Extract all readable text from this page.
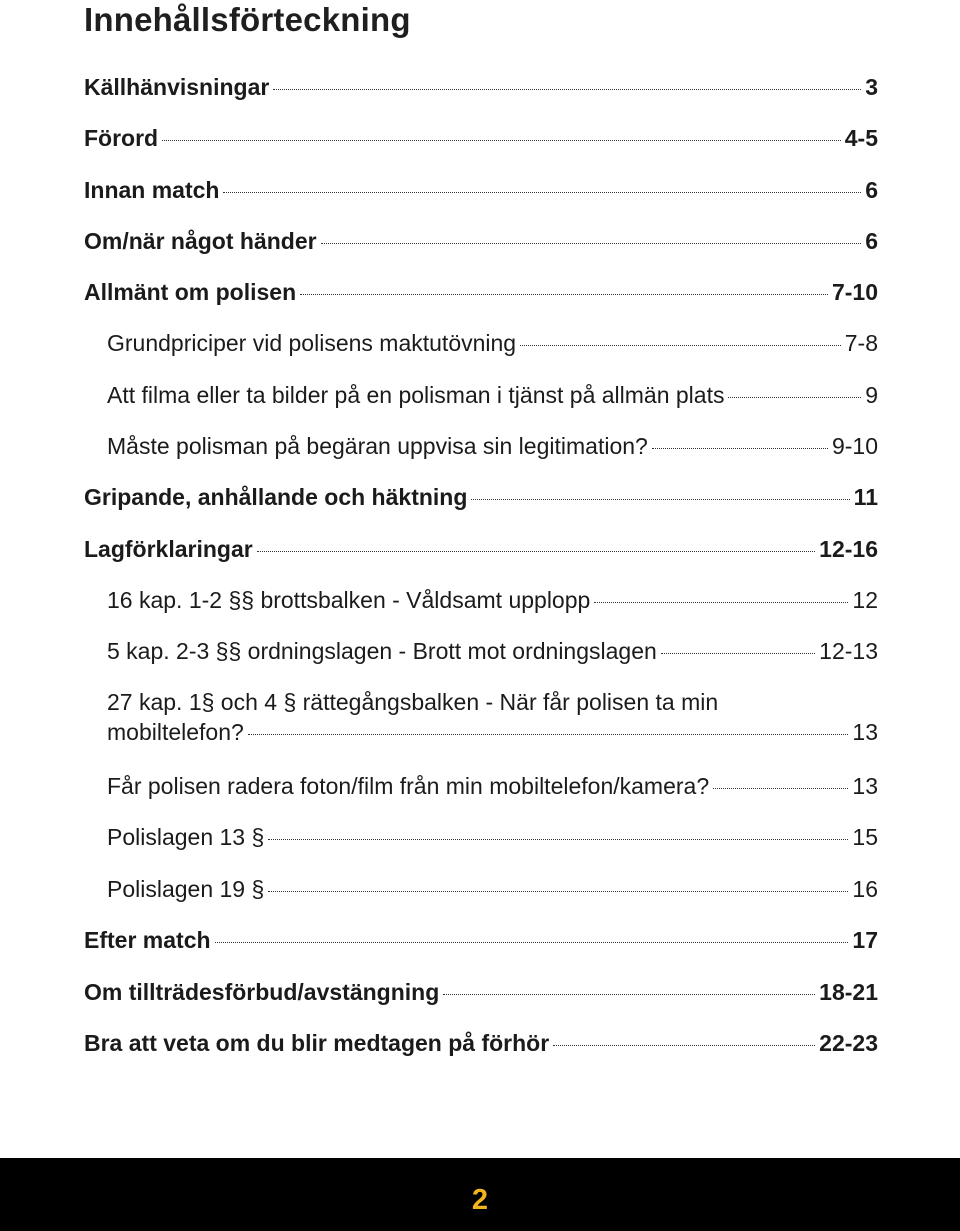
Innehållsförteckning
Källhänvisningar	3
Förord	4-5
Innan match	6
Om/när något händer	6
Allmänt om polisen	7-10
Grundpriciper vid polisens maktutövning	7-8
Att filma eller ta bilder på en polisman i tjänst på allmän plats	9
Måste polisman på begäran uppvisa sin legitimation?	9-10
Gripande, anhållande och häktning	11
Lagförklaringar	12-16
16 kap. 1-2 §§ brottsbalken - Våldsamt upplopp	12
5 kap. 2-3 §§ ordningslagen - Brott mot ordningslagen	12-13
27 kap. 1§ och 4 § rättegångsbalken - När får polisen ta min
mobiltelefon?	13
Får polisen radera foton/film från min mobiltelefon/kamera?	13
Polislagen 13 §	15
Polislagen 19 §	16
Efter match	17
Om tillträdesförbud/avstängning	18-21
Bra att veta om du blir medtagen på förhör	22-23
2
